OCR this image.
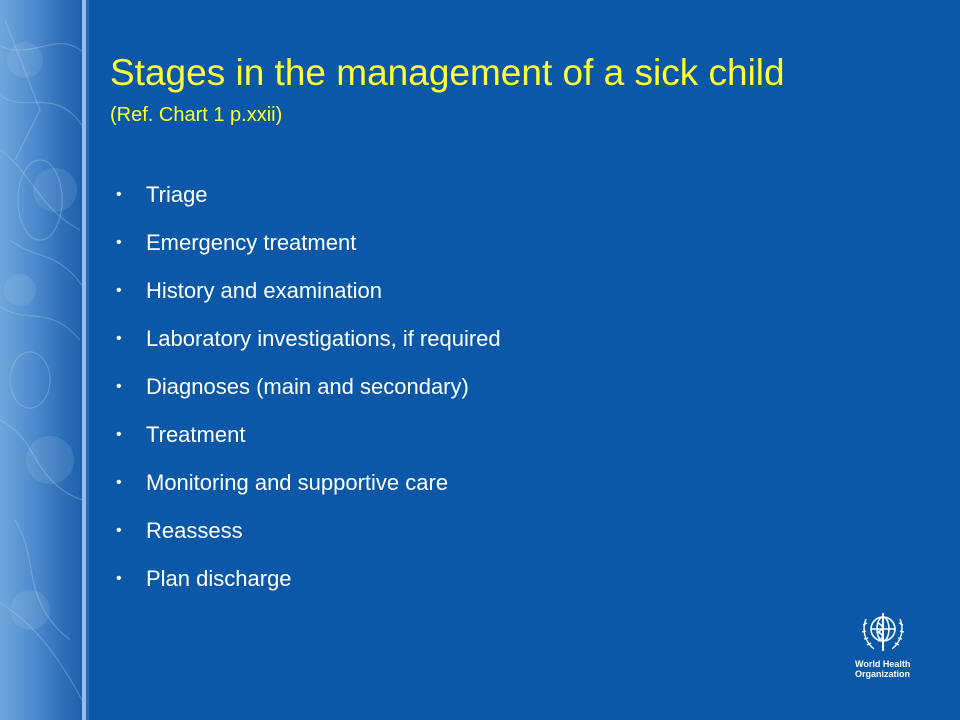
Stages in the management of a sick child
(Ref. Chart 1 p.xxii)
•	Triage
•	Emergency treatment
•	History and examination
•	Laboratory investigations, if required
•	Diagnoses (main and secondary)
•	Treatment
•	Monitoring and supportive care
•	Reassess
•	Plan discharge
World Health
Organization
